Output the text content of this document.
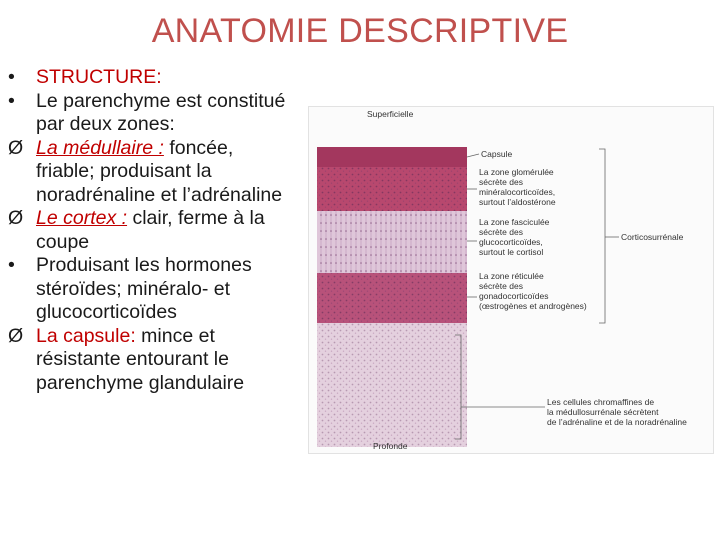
ANATOMIE DESCRIPTIVE
•	STRUCTURE:
•	Le parenchyme est constitué par deux zones:
Ø La médullaire : foncée, friable; produisant la noradrénaline et l’adrénaline
Ø Le cortex : clair, ferme à la coupe
•	Produisant les hormones stéroïdes; minéralo- et glucocorticoïdes
Ø La capsule: mince et résistante entourant le parenchyme glandulaire
Superficielle
Profonde
Capsule
La zone glomérulée
sécrète des
minéralocorticoïdes,
surtout l’aldostérone
La zone fasciculée
sécrète des
glucocorticoïdes,
surtout le cortisol
La zone réticulée
sécrète des
gonadocorticoïdes
(œstrogènes et androgènes)
Corticosurrénale
Les cellules chromaffines de
la médullosurrénale sécrètent
de l’adrénaline et de la noradrénaline
